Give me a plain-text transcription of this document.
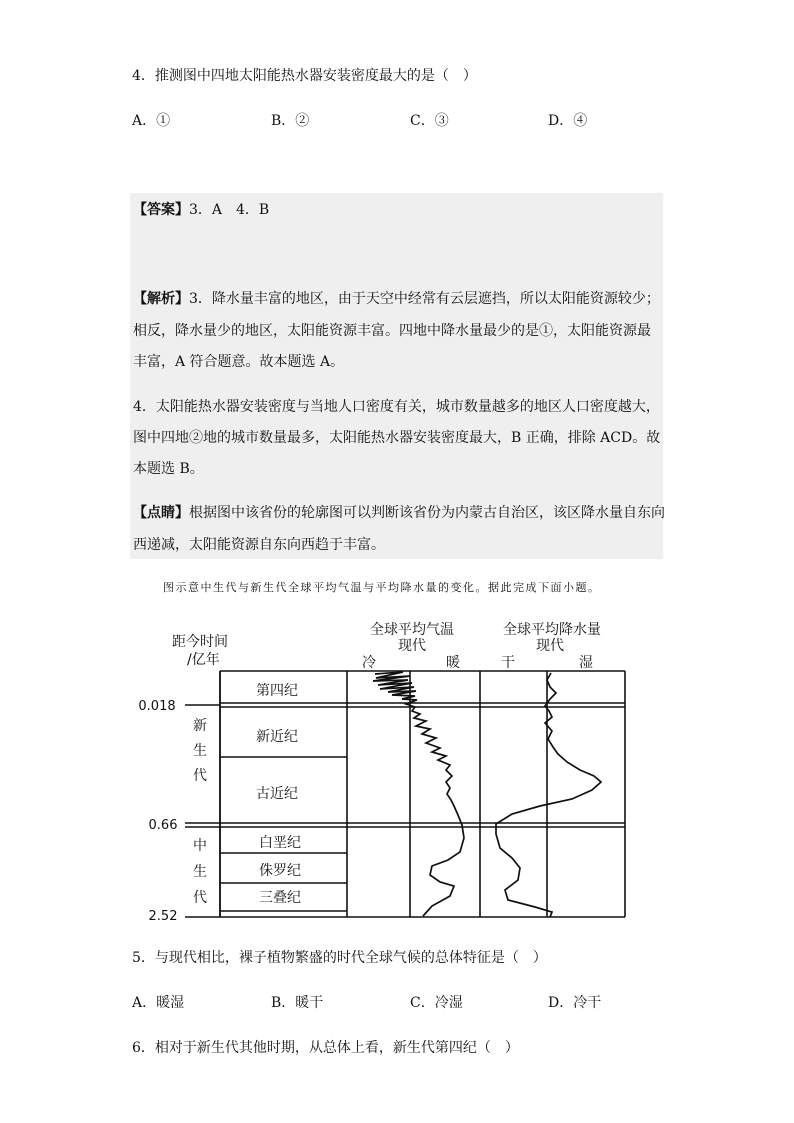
4．推测图中四地太阳能热水器安装密度最大的是（　）
A．①	B．②	C．③	D．④
【答案】3．A　4．B
【解析】3．降水量丰富的地区，由于天空中经常有云层遮挡，所以太阳能资源较少；
相反，降水量少的地区，太阳能资源丰富。四地中降水量最少的是①，太阳能资源最
丰富，A 符合题意。故本题选 A。
4．太阳能热水器安装密度与当地人口密度有关，城市数量越多的地区人口密度越大，
图中四地②地的城市数量最多，太阳能热水器安装密度最大，B 正确，排除 ACD。故
本题选 B。
【点睛】根据图中该省份的轮廓图可以判断该省份为内蒙古自治区，该区降水量自东向
西递减，太阳能资源自东向西趋于丰富。
图示意中生代与新生代全球平均气温与平均降水量的变化。据此完成下面小题。
距今时间
/亿年
全球平均气温
现代
冷	暖
全球平均降水量
现代
干	湿
0.018
0.66
2.52
新
生
代
中
生
代
第四纪
新近纪
古近纪
白垩纪
侏罗纪
三叠纪
5．与现代相比，裸子植物繁盛的时代全球气候的总体特征是（　）
A．暖湿	B．暖干	C．冷湿	D．冷干
6．相对于新生代其他时期，从总体上看，新生代第四纪（　）
